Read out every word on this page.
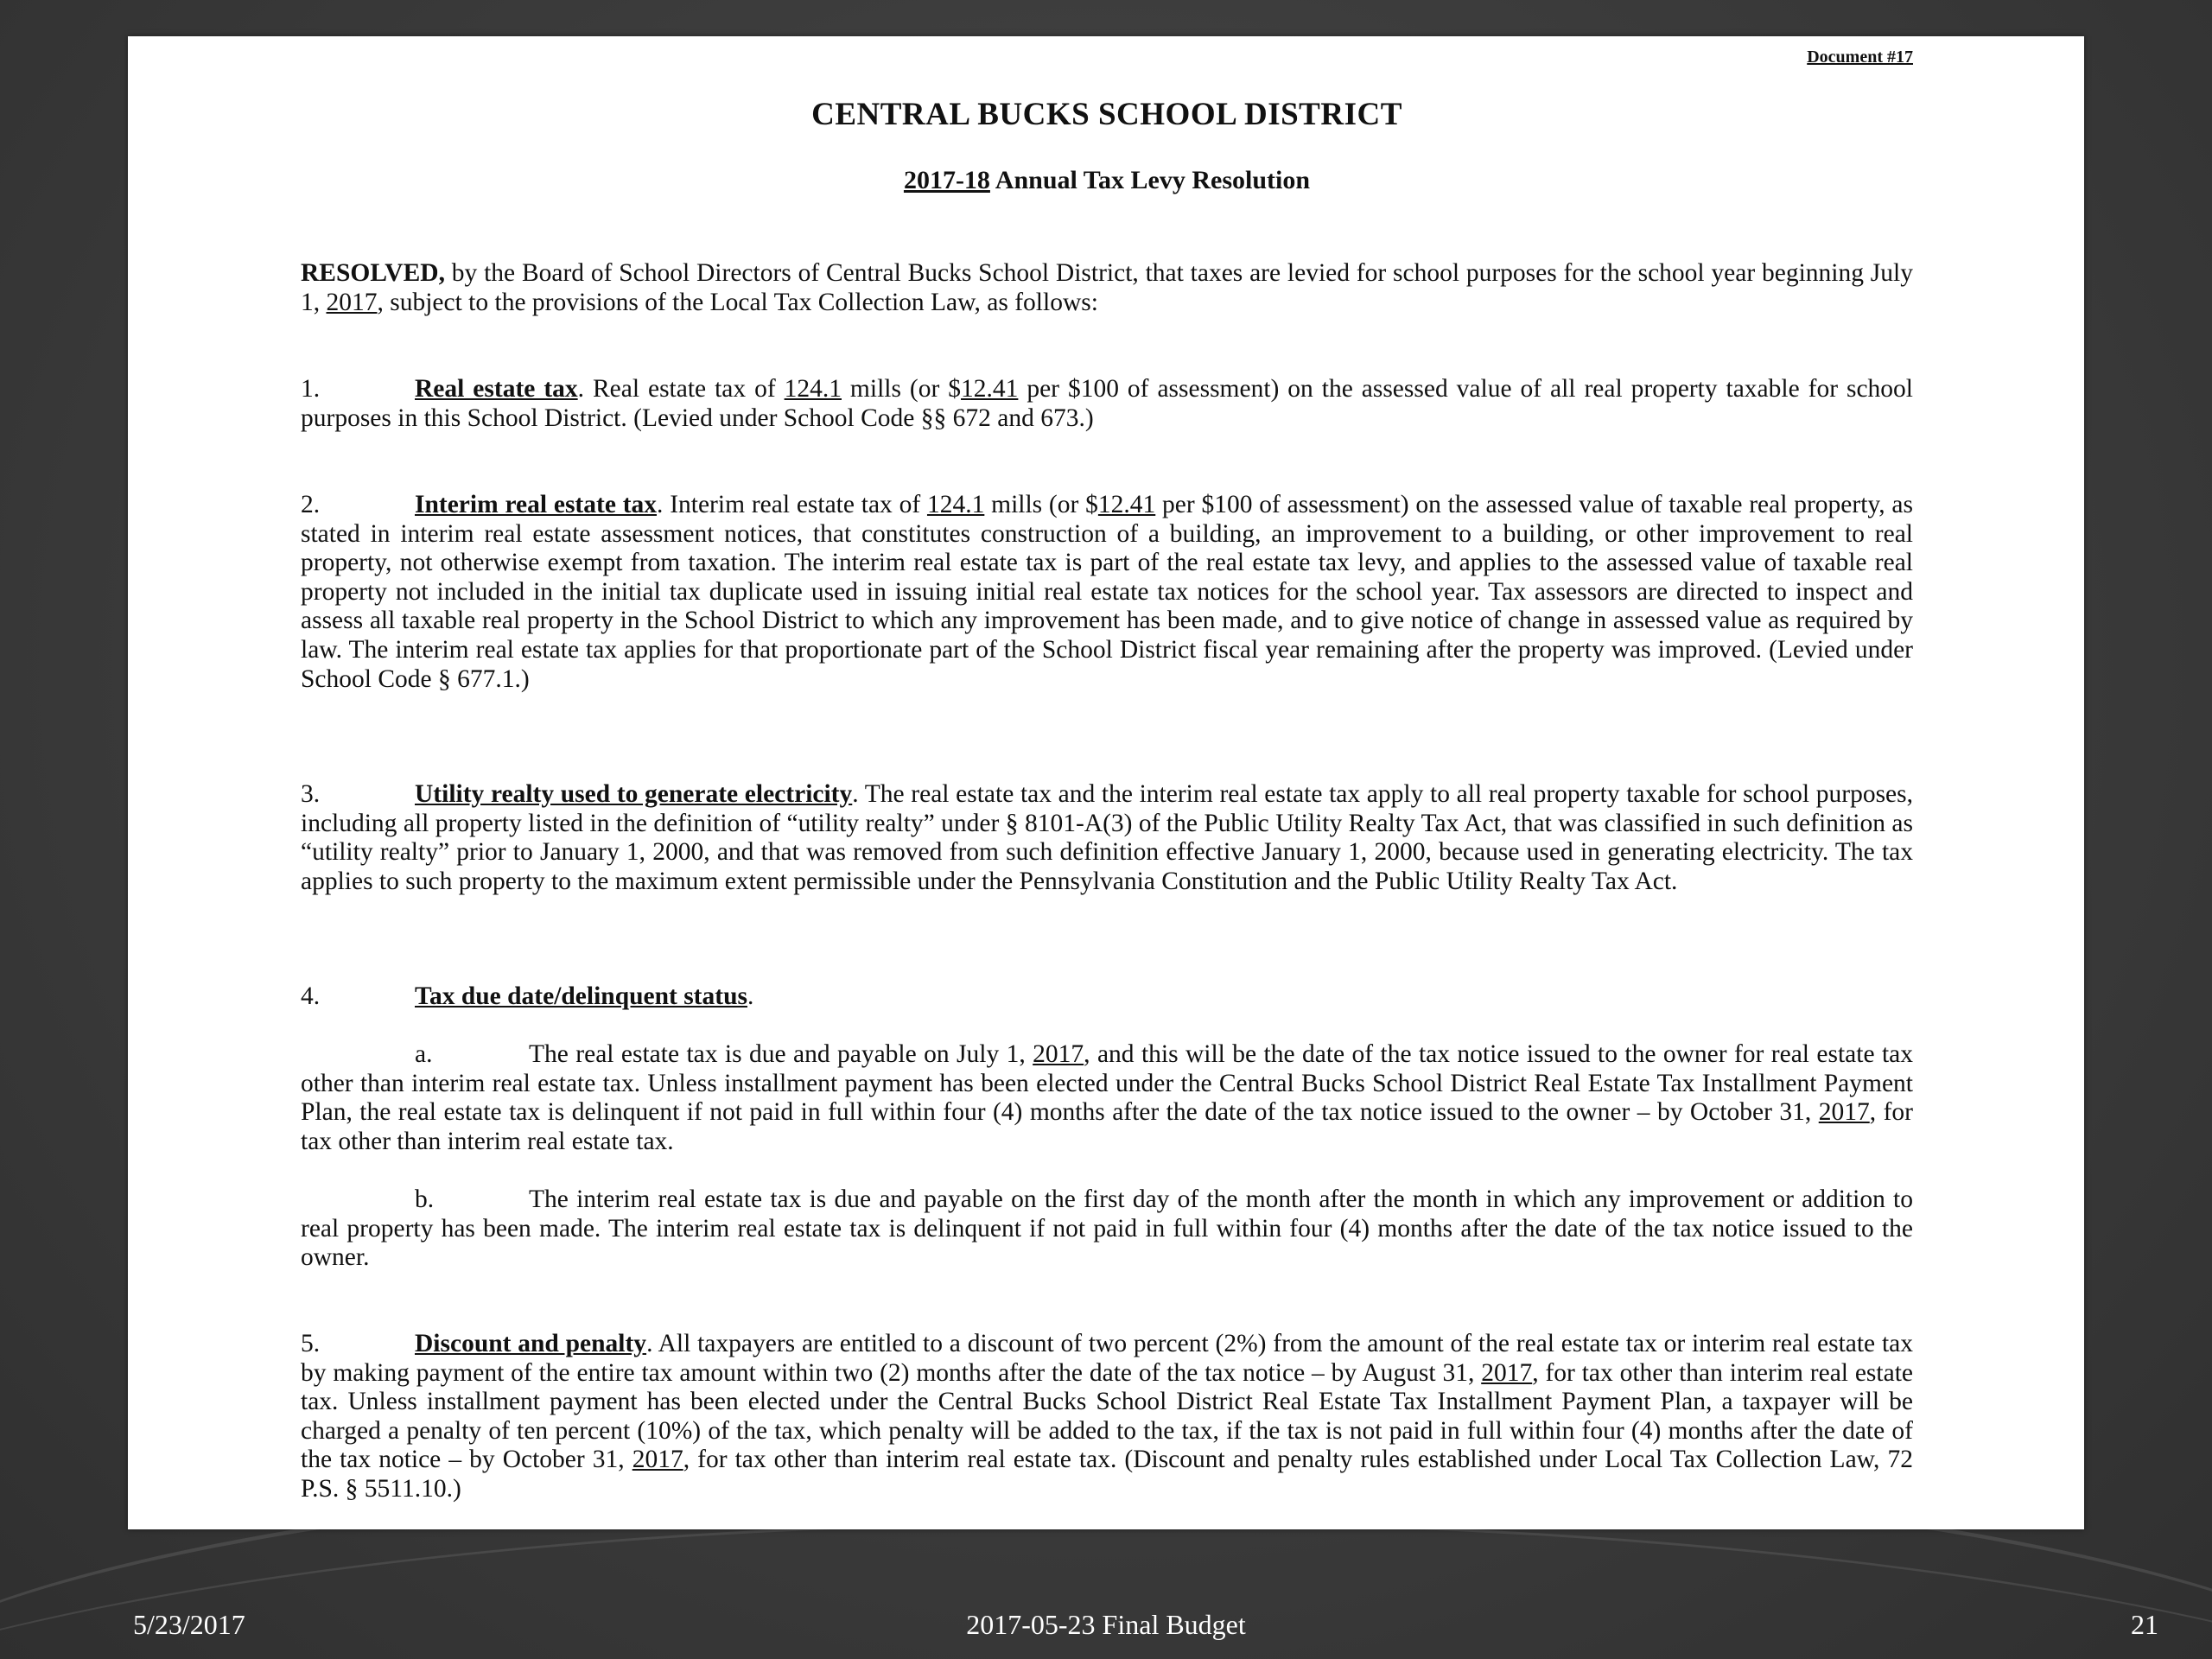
Document #17
CENTRAL BUCKS SCHOOL DISTRICT
2017-18 Annual Tax Levy Resolution

RESOLVED, by the Board of School Directors of Central Bucks School District, that taxes are levied for school purposes for the school year beginning July 1, 2017, subject to the provisions of the Local Tax Collection Law, as follows:

1.	Real estate tax. Real estate tax of 124.1 mills (or $12.41 per $100 of assessment) on the assessed value of all real property taxable for school purposes in this School District. (Levied under School Code §§ 672 and 673.)

2.	Interim real estate tax. Interim real estate tax of 124.1 mills (or $12.41 per $100 of assessment) on the assessed value of taxable real property, as stated in interim real estate assessment notices, that constitutes construction of a building, an improvement to a building, or other improvement to real property, not otherwise exempt from taxation. The interim real estate tax is part of the real estate tax levy, and applies to the assessed value of taxable real property not included in the initial tax duplicate used in issuing initial real estate tax notices for the school year. Tax assessors are directed to inspect and assess all taxable real property in the School District to which any improvement has been made, and to give notice of change in assessed value as required by law. The interim real estate tax applies for that proportionate part of the School District fiscal year remaining after the property was improved. (Levied under School Code § 677.1.)

3.	Utility realty used to generate electricity. The real estate tax and the interim real estate tax apply to all real property taxable for school purposes, including all property listed in the definition of “utility realty” under § 8101-A(3) of the Public Utility Realty Tax Act, that was classified in such definition as “utility realty” prior to January 1, 2000, and that was removed from such definition effective January 1, 2000, because used in generating electricity. The tax applies to such property to the maximum extent permissible under the Pennsylvania Constitution and the Public Utility Realty Tax Act.

4.	Tax due date/delinquent status.

a.	The real estate tax is due and payable on July 1, 2017, and this will be the date of the tax notice issued to the owner for real estate tax other than interim real estate tax. Unless installment payment has been elected under the Central Bucks School District Real Estate Tax Installment Payment Plan, the real estate tax is delinquent if not paid in full within four (4) months after the date of the tax notice issued to the owner – by October 31, 2017, for tax other than interim real estate tax.

b.	The interim real estate tax is due and payable on the first day of the month after the month in which any improvement or addition to real property has been made. The interim real estate tax is delinquent if not paid in full within four (4) months after the date of the tax notice issued to the owner.

5.	Discount and penalty. All taxpayers are entitled to a discount of two percent (2%) from the amount of the real estate tax or interim real estate tax by making payment of the entire tax amount within two (2) months after the date of the tax notice – by August 31, 2017, for tax other than interim real estate tax. Unless installment payment has been elected under the Central Bucks School District Real Estate Tax Installment Payment Plan, a taxpayer will be charged a penalty of ten percent (10%) of the tax, which penalty will be added to the tax, if the tax is not paid in full within four (4) months after the date of the tax notice – by October 31, 2017, for tax other than interim real estate tax. (Discount and penalty rules established under Local Tax Collection Law, 72 P.S. § 5511.10.)

5/23/2017	2017-05-23 Final Budget	21
